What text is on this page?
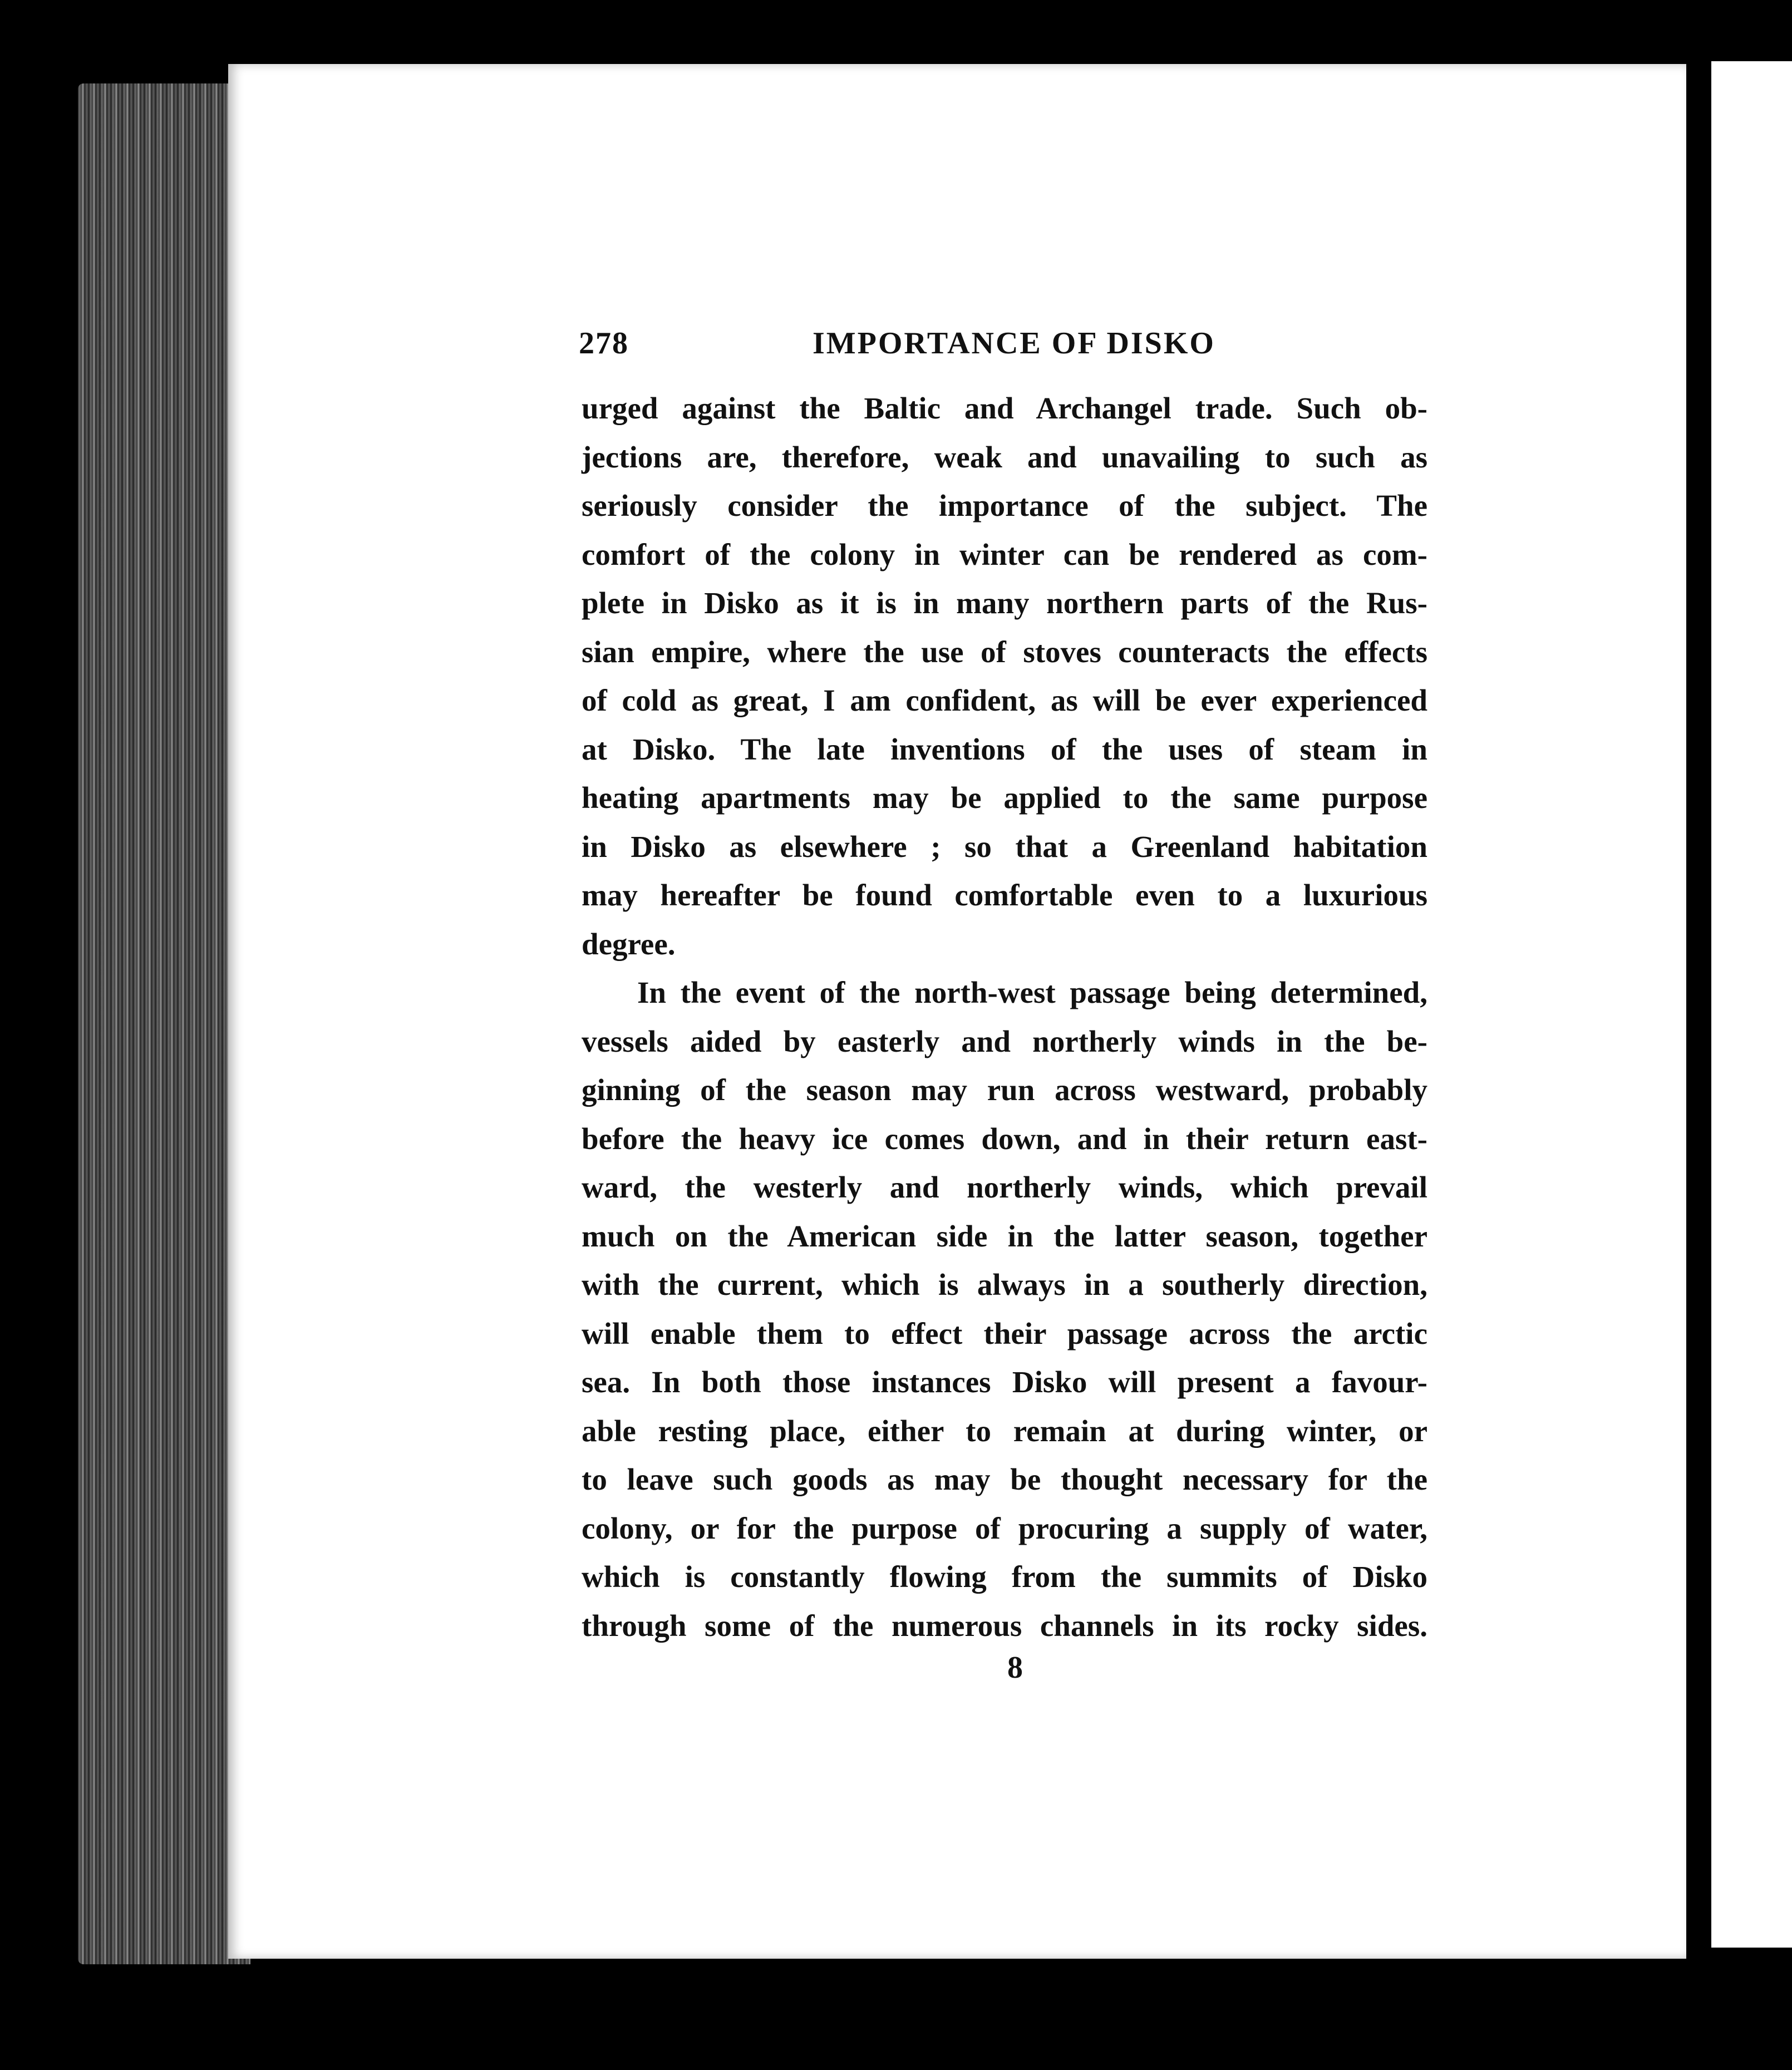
278	IMPORTANCE OF DISKO
urged against the Baltic and Archangel trade. Such ob-
jections are, therefore, weak and unavailing to such as
seriously consider the importance of the subject. The
comfort of the colony in winter can be rendered as com-
plete in Disko as it is in many northern parts of the Rus-
sian empire, where the use of stoves counteracts the effects
of cold as great, I am confident, as will be ever experienced
at Disko. The late inventions of the uses of steam in
heating apartments may be applied to the same purpose
in Disko as elsewhere ; so that a Greenland habitation
may hereafter be found comfortable even to a luxurious
degree.
In the event of the north-west passage being determined,
vessels aided by easterly and northerly winds in the be-
ginning of the season may run across westward, probably
before the heavy ice comes down, and in their return east-
ward, the westerly and northerly winds, which prevail
much on the American side in the latter season, together
with the current, which is always in a southerly direction,
will enable them to effect their passage across the arctic
sea. In both those instances Disko will present a favour-
able resting place, either to remain at during winter, or
to leave such goods as may be thought necessary for the
colony, or for the purpose of procuring a supply of water,
which is constantly flowing from the summits of Disko
through some of the numerous channels in its rocky sides.
8
